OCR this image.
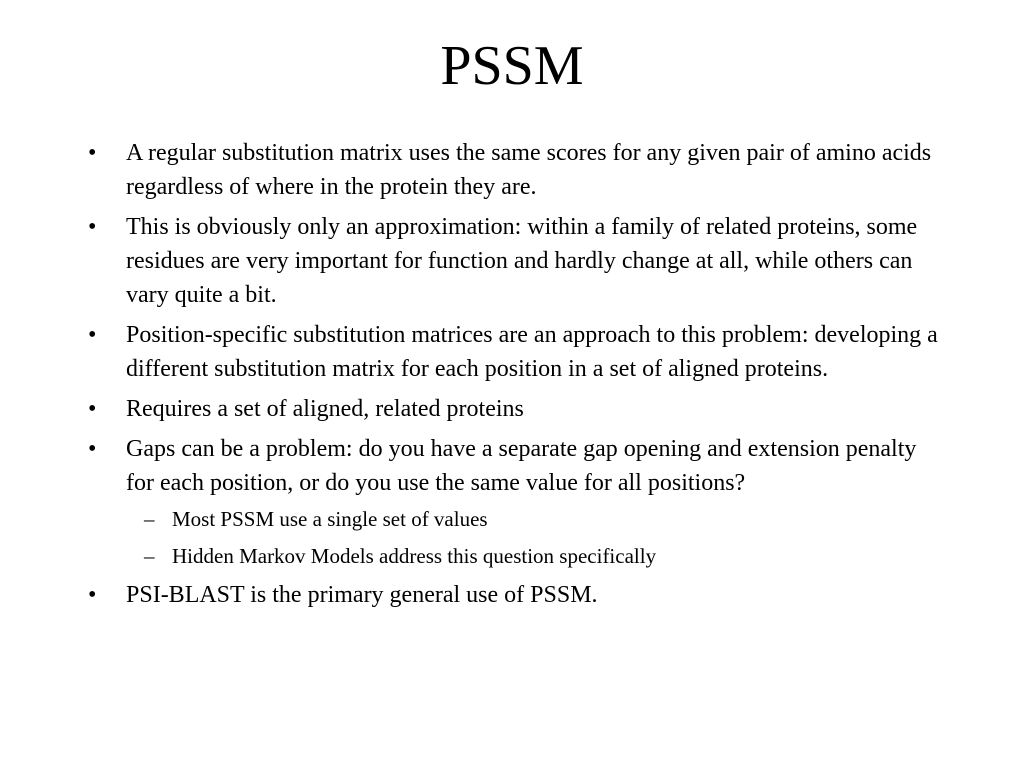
PSSM
•	A regular substitution matrix uses the same scores for any given pair of amino acids regardless of where in the protein they are.
•	This is obviously only an approximation: within a family of related proteins, some residues are very important for function and hardly change at all, while others can vary quite a bit.
•	Position-specific substitution matrices are an approach to this problem: developing a different substitution matrix for each position in a set of aligned proteins.
•	Requires a set of aligned, related proteins
•	Gaps can be a problem: do you have a separate gap opening and extension penalty for each position, or do you use the same value for all positions?
– Most PSSM use a single set of values
– Hidden Markov Models address this question specifically
•	PSI-BLAST is the primary general use of PSSM.
